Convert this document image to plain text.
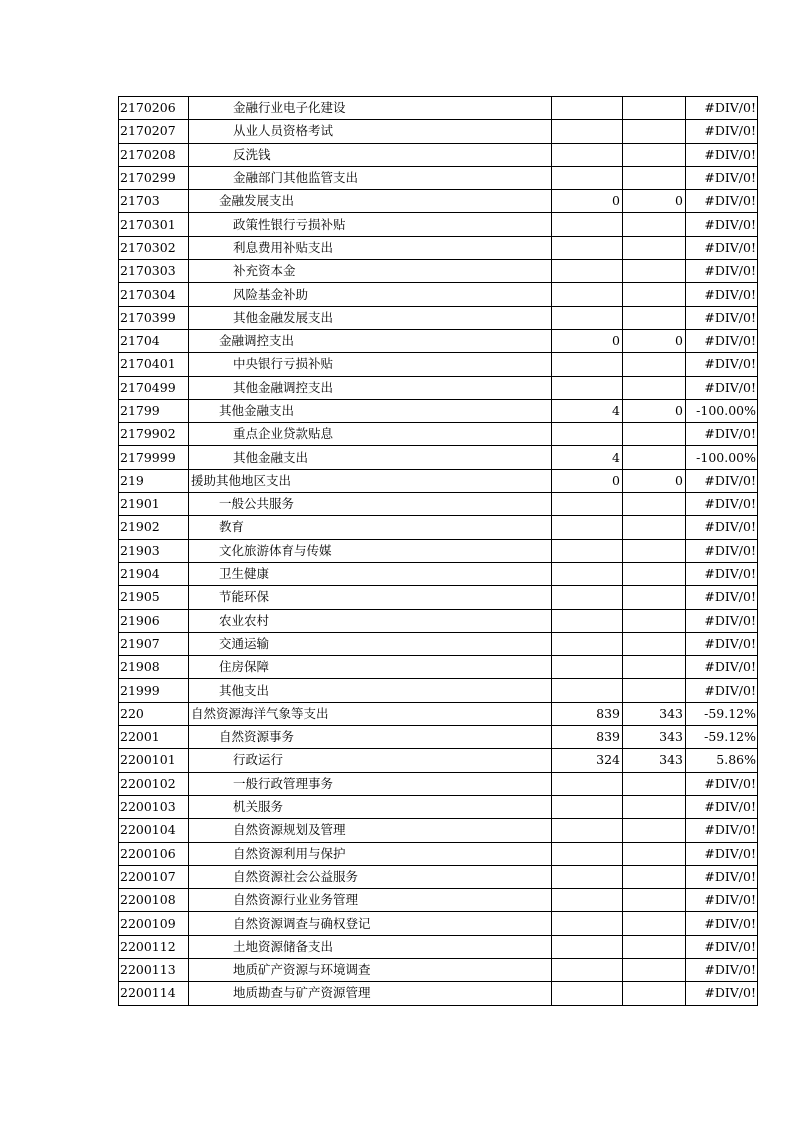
2170206	金融行业电子化建设			#DIV/0!
2170207	从业人员资格考试			#DIV/0!
2170208	反洗钱			#DIV/0!
2170299	金融部门其他监管支出			#DIV/0!
21703	金融发展支出	0	0	#DIV/0!
2170301	政策性银行亏损补贴			#DIV/0!
2170302	利息费用补贴支出			#DIV/0!
2170303	补充资本金			#DIV/0!
2170304	风险基金补助			#DIV/0!
2170399	其他金融发展支出			#DIV/0!
21704	金融调控支出	0	0	#DIV/0!
2170401	中央银行亏损补贴			#DIV/0!
2170499	其他金融调控支出			#DIV/0!
21799	其他金融支出	4	0	-100.00%
2179902	重点企业贷款贴息			#DIV/0!
2179999	其他金融支出	4		-100.00%
219	援助其他地区支出	0	0	#DIV/0!
21901	一般公共服务			#DIV/0!
21902	教育			#DIV/0!
21903	文化旅游体育与传媒			#DIV/0!
21904	卫生健康			#DIV/0!
21905	节能环保			#DIV/0!
21906	农业农村			#DIV/0!
21907	交通运输			#DIV/0!
21908	住房保障			#DIV/0!
21999	其他支出			#DIV/0!
220	自然资源海洋气象等支出	839	343	-59.12%
22001	自然资源事务	839	343	-59.12%
2200101	行政运行	324	343	5.86%
2200102	一般行政管理事务			#DIV/0!
2200103	机关服务			#DIV/0!
2200104	自然资源规划及管理			#DIV/0!
2200106	自然资源利用与保护			#DIV/0!
2200107	自然资源社会公益服务			#DIV/0!
2200108	自然资源行业业务管理			#DIV/0!
2200109	自然资源调查与确权登记			#DIV/0!
2200112	土地资源储备支出			#DIV/0!
2200113	地质矿产资源与环境调查			#DIV/0!
2200114	地质勘查与矿产资源管理			#DIV/0!
